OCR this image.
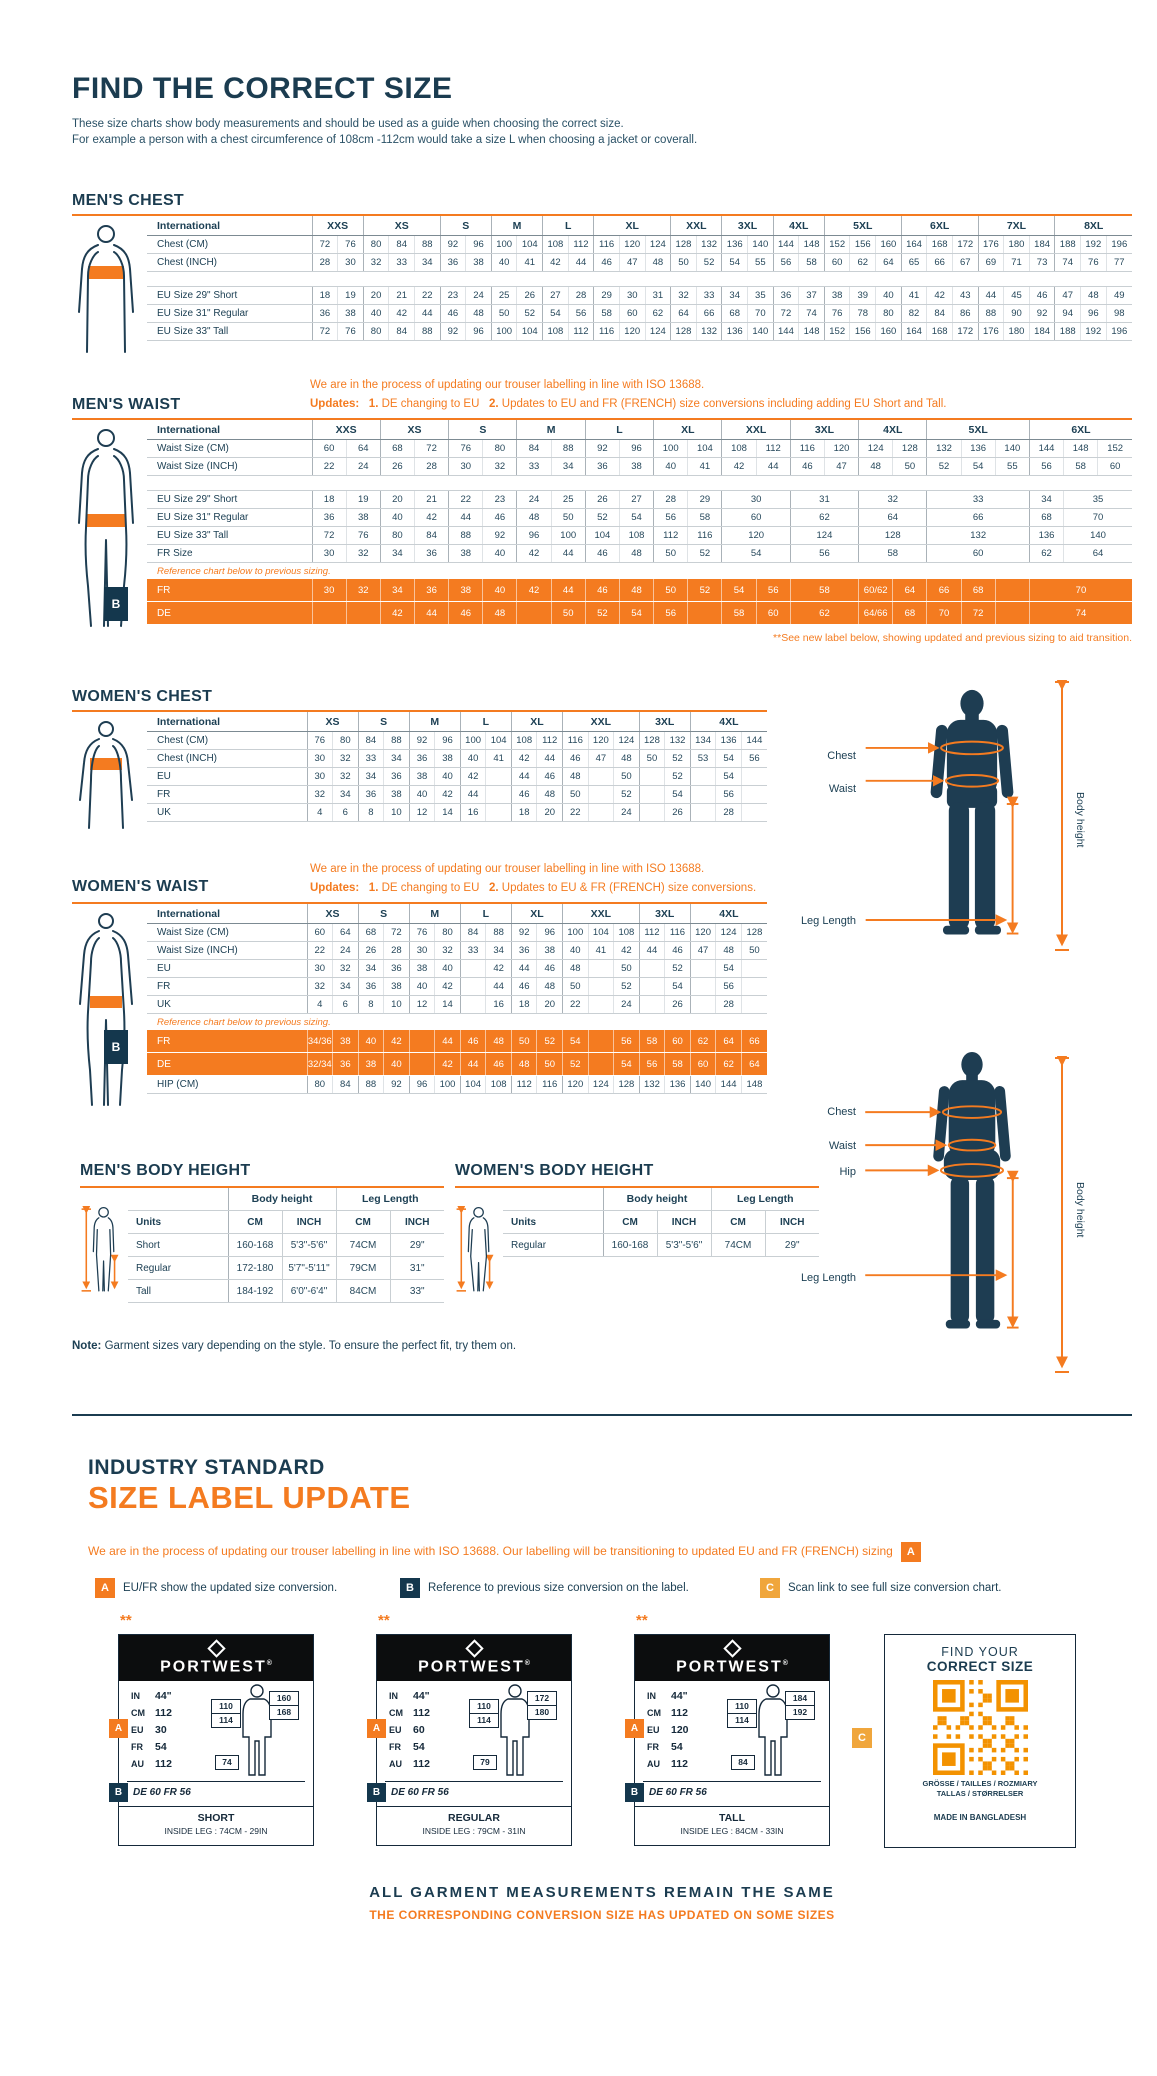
FIND THE CORRECT SIZE
These size charts show body measurements and should be used as a guide when choosing the correct size.
For example a person with a chest circumference of 108cm -112cm would take a size L when choosing a jacket or coverall.
MEN'S CHEST
International	XXS		XS			S		M		L		XL			XXL		3XL		4XL		5XL			6XL			7XL			8XL		
Chest (CM)	72	76	80	84	88	92	96	100	104	108	112	116	120	124	128	132	136	140	144	148	152	156	160	164	168	172	176	180	184	188	192	196
Chest (INCH)	28	30	32	33	34	36	38	40	41	42	44	46	47	48	50	52	54	55	56	58	60	62	64	65	66	67	69	71	73	74	76	77

EU Size 29" Short	18	19	20	21	22	23	24	25	26	27	28	29	30	31	32	33	34	35	36	37	38	39	40	41	42	43	44	45	46	47	48	49
EU Size 31" Regular	36	38	40	42	44	46	48	50	52	54	56	58	60	62	64	66	68	70	72	74	76	78	80	82	84	86	88	90	92	94	96	98
EU Size 33" Tall	72	76	80	84	88	92	96	100	104	108	112	116	120	124	128	132	136	140	144	148	152	156	160	164	168	172	176	180	184	188	192	196
We are in the process of updating our trouser labelling in line with ISO 13688.
Updates: 1. DE changing to EU 2. Updates to EU and FR (FRENCH) size conversions including adding EU Short and Tall.
MEN'S WAIST
International	XXS		XS		S		M		L		XL		XXL		3XL		4XL		5XL			6XL		
Waist Size (CM)	60	64	68	72	76	80	84	88	92	96	100	104	108	112	116	120	124	128	132	136	140	144	148	152
Waist Size (INCH)	22	24	26	28	30	32	33	34	36	38	40	41	42	44	46	47	48	50	52	54	55	56	58	60

EU Size 29" Short	18	19	20	21	22	23	24	25	26	27	28	29	30		31		32		33			34	35	
EU Size 31" Regular	36	38	40	42	44	46	48	50	52	54	56	58	60		62		64		66			68	70	
EU Size 33" Tall	72	76	80	84	88	92	96	100	104	108	112	116	120		124		128		132			136	140	
FR Size	30	32	34	36	38	40	42	44	46	48	50	52	54		56		58		60			62	64	
Reference chart below to previous sizing.																								
FR	30	32	34	36	38	40	42	44	46	48	50	52	54	56	58		60/62	64	66	68		70		
DE			42	44	46	48		50	52	54	56		58	60	62		64/66	68	70	72		74		
B
**See new label below, showing updated and previous sizing to aid transition.
WOMEN'S CHEST
International	XS		S		M		L		XL		XXL			3XL		4XL		
Chest (CM)	76	80	84	88	92	96	100	104	108	112	116	120	124	128	132	134	136	144
Chest (INCH)	30	32	33	34	36	38	40	41	42	44	46	47	48	50	52	53	54	56
EU	30	32	34	36	38	40	42		44	46	48		50		52		54	
FR	32	34	36	38	40	42	44		46	48	50		52		54		56	
UK	4	6	8	10	12	14	16		18	20	22		24		26		28	
We are in the process of updating our trouser labelling in line with ISO 13688.
Updates: 1. DE changing to EU 2. Updates to EU & FR (FRENCH) size conversions.
WOMEN'S WAIST
International	XS		S		M		L		XL		XXL			3XL		4XL		
Waist Size (CM)	60	64	68	72	76	80	84	88	92	96	100	104	108	112	116	120	124	128
Waist Size (INCH)	22	24	26	28	30	32	33	34	36	38	40	41	42	44	46	47	48	50
EU	30	32	34	36	38	40		42	44	46	48		50		52		54	
FR	32	34	36	38	40	42		44	46	48	50		52		54		56	
UK	4	6	8	10	12	14		16	18	20	22		24		26		28	
Reference chart below to previous sizing.																		
FR	34/36	38	40	42		44	46	48	50	52	54		56	58	60	62	64	66
DE	32/34	36	38	40		42	44	46	48	50	52		54	56	58	60	62	64
HIP (CM)	80	84	88	92	96	100	104	108	112	116	120	124	128	132	136	140	144	148
B
Chest
Waist
Leg Length
Body height
Chest
Waist
Hip
Leg Length
Body height
MEN'S BODY HEIGHT
	Body height		Leg Length	
Units	CM	INCH	CM	INCH
Short	160-168	5'3"-5'6"	74CM	29"
Regular	172-180	5'7"-5'11"	79CM	31"
Tall	184-192	6'0"-6'4"	84CM	33"
WOMEN'S BODY HEIGHT
	Body height		Leg Length	
Units	CM	INCH	CM	INCH
Regular	160-168	5'3"-5'6"	74CM	29"
Note: Garment sizes vary depending on the style. To ensure the perfect fit, try them on.
INDUSTRY STANDARD
SIZE LABEL UPDATE
We are in the process of updating our trouser labelling in line with ISO 13688. Our labelling will be transitioning to updated EU and FR (FRENCH) sizing A
A	EU/FR show the updated size conversion.	B	Reference to previous size conversion on the label.	C	Scan link to see full size conversion chart.
**
PORTWEST®
IN	44"
CM 112
EU	30
FR	54
AU 112
110
114
160
168
74
A
B	DE 60 FR 56
SHORT
INSIDE LEG : 74CM - 29IN
**
PORTWEST®
IN	44"
CM 112
EU	60
FR	54
AU 112
110
114
172
180
79
A
B	DE 60 FR 56
REGULAR
INSIDE LEG : 79CM - 31IN
**
PORTWEST®
IN	44"
CM 112
EU	120
FR	54
AU 112
110
114
184
192
84
A
B	DE 60 FR 56
TALL
INSIDE LEG : 84CM - 33IN
C
FIND YOUR
CORRECT SIZE
GRÖSSE / TAILLES / ROZMIARY
TALLAS / STØRRELSER
MADE IN BANGLADESH
ALL GARMENT MEASUREMENTS REMAIN THE SAME
THE CORRESPONDING CONVERSION SIZE HAS UPDATED ON SOME SIZES
